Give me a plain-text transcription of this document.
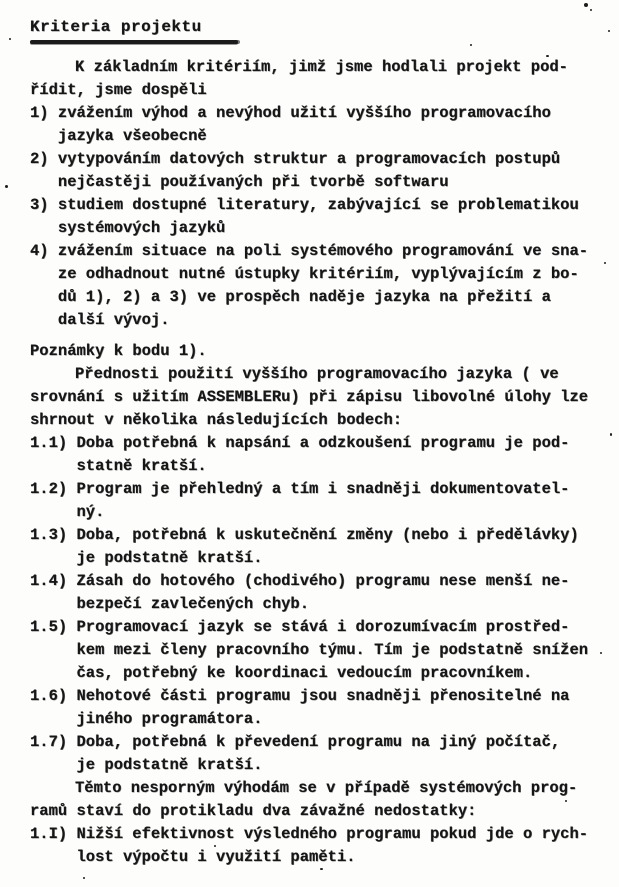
Kriteria projektu

K základním kritériím, jimž jsme hodlali projekt pod- řídit, jsme dospěli

1) zvážením výhod a nevýhod užití vyššího programovacího
jazyka všeobecně
2) vytypováním datových struktur a programovacích postupů
nejčastěji používaných při tvorbě softwaru
3) studiem dostupné literatury, zabývající se problematikou
systémových jazyků
4) zvážením situace na poli systémového programování ve sna-
ze odhadnout nutné ústupky kritériím, vyplývajícím z bo-
dů 1), 2) a 3) ve prospěch naděje jazyka na přežití a
další vývoj.
Poznámky k bodu 1).

Přednosti použití vyššího programovacího jazyka ( ve srovnání s užitím ASSEMBLERu) při zápisu libovolné úlohy lze shrnout v několika následujících bodech:

1.1) Doba potřebná k napsání a odzkoušení programu je pod-
statně kratší.
1.2) Program je přehledný a tím i snadněji dokumentovatel-
ný.
1.3) Doba, potřebná k uskutečnění změny (nebo i předělávky)
je podstatně kratší.
1.4) Zásah do hotového (chodivého) programu nese menší ne-
bezpečí zavlečených chyb.
1.5) Programovací jazyk se stává i dorozumívacím prostřed-
kem mezi členy pracovního týmu. Tím je podstatně snížen
čas, potřebný ke koordinaci vedoucím pracovníkem.
1.6) Nehotové části programu jsou snadněji přenositelné na
jiného programátora.
1.7) Doba, potřebná k převedení programu na jiný počítač,
je podstatně kratší.

Těmto nesporným výhodám se v případě systémových prog- ramů staví do protikladu dva závažné nedostatky:

1.I) Nižší efektivnost výsledného programu pokud jde o rych-
lost výpočtu i využití paměti.
